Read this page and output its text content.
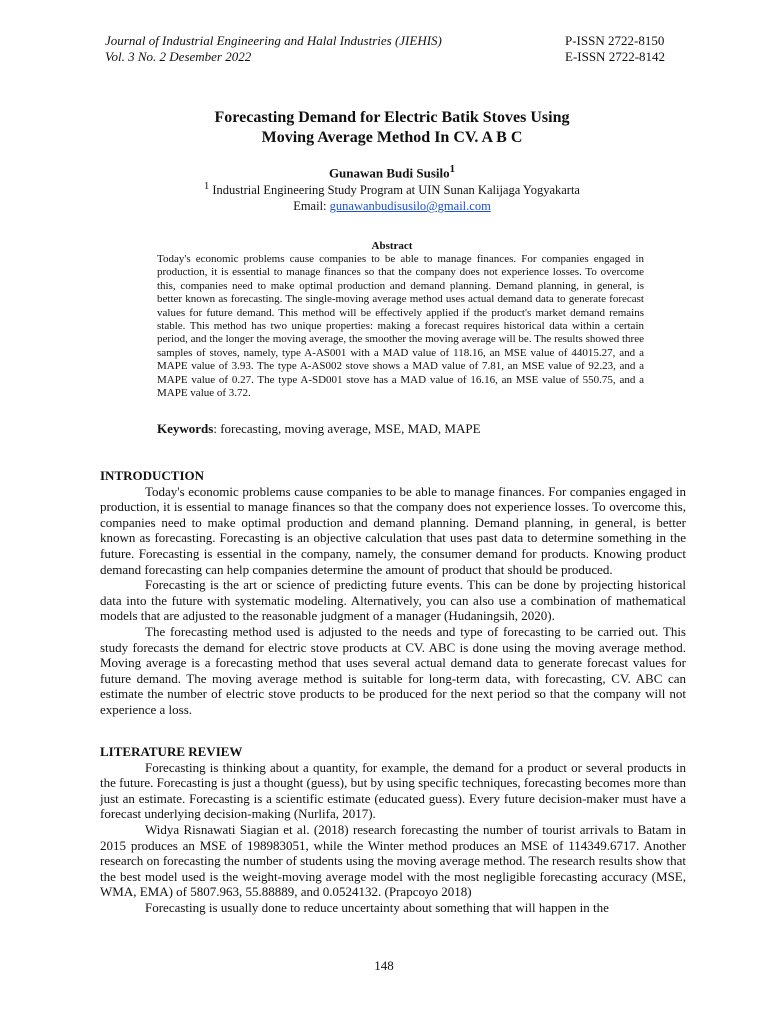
Journal of Industrial Engineering and Halal Industries (JIEHIS)	P-ISSN 2722-8150
Vol. 3 No. 2 Desember 2022	E-ISSN 2722-8142
Forecasting Demand for Electric Batik Stoves Using
Moving Average Method In CV. A B C
Gunawan Budi Susilo$^1$
$^1$ Industrial Engineering Study Program at UIN Sunan Kalijaga Yogyakarta
Email: gunawanbudisusilo@gmail.com
Abstract
Today's economic problems cause companies to be able to manage finances. For companies engaged in production, it is essential to manage finances so that the company does not experience losses. To overcome this, companies need to make optimal production and demand planning. Demand planning, in general, is better known as forecasting. The single-moving average method uses actual demand data to generate forecast values for future demand. This method will be effectively applied if the product's market demand remains stable. This method has two unique properties: making a forecast requires historical data within a certain period, and the longer the moving average, the smoother the moving average will be. The results showed three samples of stoves, namely, type A-AS001 with a MAD value of 118.16, an MSE value of 44015.27, and a MAPE value of 3.93. The type A-AS002 stove shows a MAD value of 7.81, an MSE value of 92.23, and a MAPE value of 0.27. The type A-SD001 stove has a MAD value of 16.16, an MSE value of 550.75, and a MAPE value of 3.72.
Keywords: forecasting, moving average, MSE, MAD, MAPE
INTRODUCTION

Today's economic problems cause companies to be able to manage finances. For companies engaged in production, it is essential to manage finances so that the company does not experience losses. To overcome this, companies need to make optimal production and demand planning. Demand planning, in general, is better known as forecasting. Forecasting is an objective calculation that uses past data to determine something in the future. Forecasting is essential in the company, namely, the consumer demand for products. Knowing product demand forecasting can help companies determine the amount of product that should be produced.

Forecasting is the art or science of predicting future events. This can be done by projecting historical data into the future with systematic modeling. Alternatively, you can also use a combination of mathematical models that are adjusted to the reasonable judgment of a manager (Hudaningsih, 2020).

The forecasting method used is adjusted to the needs and type of forecasting to be carried out. This study forecasts the demand for electric stove products at CV. ABC is done using the moving average method. Moving average is a forecasting method that uses several actual demand data to generate forecast values for future demand. The moving average method is suitable for long-term data, with forecasting, CV. ABC can estimate the number of electric stove products to be produced for the next period so that the company will not experience a loss.

LITERATURE REVIEW

Forecasting is thinking about a quantity, for example, the demand for a product or several products in the future. Forecasting is just a thought (guess), but by using specific techniques, forecasting becomes more than just an estimate. Forecasting is a scientific estimate (educated guess). Every future decision-maker must have a forecast underlying decision-making (Nurlifa, 2017).

Widya Risnawati Siagian et al. (2018) research forecasting the number of tourist arrivals to Batam in 2015 produces an MSE of 198983051, while the Winter method produces an MSE of 114349.6717. Another research on forecasting the number of students using the moving average method. The research results show that the best model used is the weight-moving average model with the most negligible forecasting accuracy (MSE, WMA, EMA) of 5807.963, 55.88889, and 0.0524132. (Prapcoyo 2018)

Forecasting is usually done to reduce uncertainty about something that will happen in the

148
